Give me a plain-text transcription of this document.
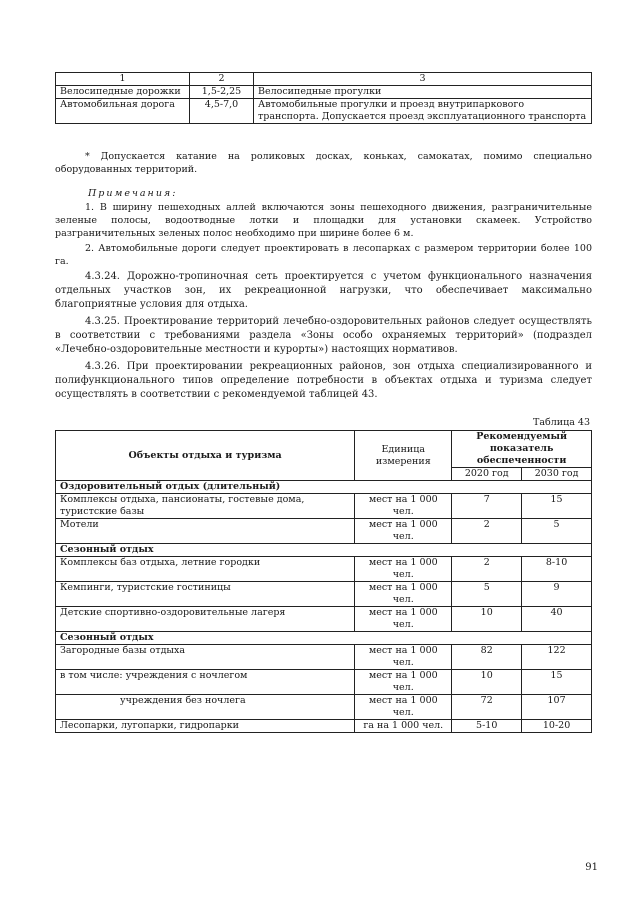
1	2	3
Велосипедные дорожки	1,5-2,25	Велосипедные прогулки
Автомобильная дорога	4,5-7,0	Автомобильные прогулки и проезд внутрипаркового транспорта. Допускается проезд эксплуатационного транспорта
* Допускается катание на роликовых досках, коньках, самокатах, помимо специально оборудованных территорий.
Примечания:
1. В ширину пешеходных аллей включаются зоны пешеходного движения, разграничительные зеленые полосы, водоотводные лотки и площадки для установки скамеек. Устройство разграничительных зеленых полос необходимо при ширине более 6 м.
2. Автомобильные дороги следует проектировать в лесопарках с размером территории более 100 га.
4.3.24. Дорожно-тропиночная сеть проектируется с учетом функционального назначения отдельных участков зон, их рекреационной нагрузки, что обеспечивает максимально благоприятные условия для отдыха.
4.3.25. Проектирование территорий лечебно-оздоровительных районов следует осуществлять в соответствии с требованиями раздела «Зоны особо охраняемых территорий» (подраздел «Лечебно-оздоровительные местности и курорты») настоящих нормативов.
4.3.26. При проектировании рекреационных районов, зон отдыха специализированного и полифункционального типов определение потребности в объектах отдыха и туризма следует осуществлять в соответствии с рекомендуемой таблицей 43.
Таблица 43
Объекты отдыха и туризма	Единица измерения	Рекомендуемый показатель обеспеченности	
		2020 год	2030 год
Оздоровительный отдых (длительный)			
Комплексы отдыха, пансионаты, гостевые дома, туристские базы	мест на 1 000 чел.	7	15
Мотели	мест на 1 000 чел.	2	5
Сезонный отдых			
Комплексы баз отдыха, летние городки	мест на 1 000 чел.	2	8-10
Кемпинги, туристские гостиницы	мест на 1 000 чел.	5	9
Детские спортивно-оздоровительные лагеря	мест на 1 000 чел.	10	40
Сезонный отдых			
Загородные базы отдыха	мест на 1 000 чел.	82	122
в том числе: учреждения с ночлегом	мест на 1 000 чел.	10	15
учреждения без ночлега	мест на 1 000 чел.	72	107
Лесопарки, лугопарки, гидропарки	га на 1 000 чел.	5-10	10-20
91
